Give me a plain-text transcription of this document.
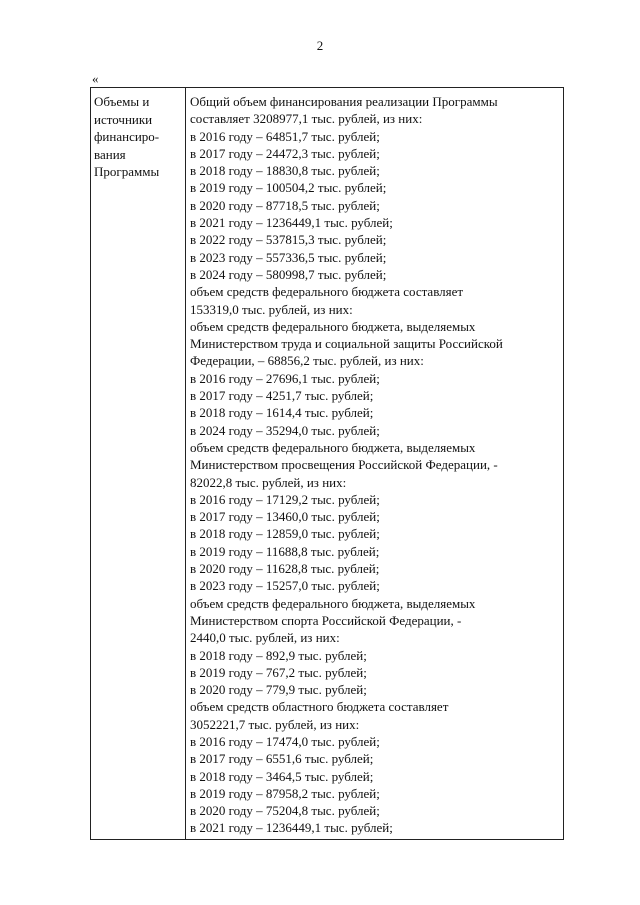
2
«
Объемы и
источники
финансиро-
вания
Программы
Общий объем финансирования реализации Программы
составляет 3208977,1 тыс. рублей, из них:
в 2016 году – 64851,7 тыс. рублей;
в 2017 году – 24472,3 тыс. рублей;
в 2018 году – 18830,8 тыс. рублей;
в 2019 году – 100504,2 тыс. рублей;
в 2020 году – 87718,5 тыс. рублей;
в 2021 году – 1236449,1 тыс. рублей;
в 2022 году – 537815,3 тыс. рублей;
в 2023 году – 557336,5 тыс. рублей;
в 2024 году – 580998,7 тыс. рублей;
объем средств федерального бюджета составляет
153319,0 тыс. рублей, из них:
объем средств федерального бюджета, выделяемых
Министерством труда и социальной защиты Российской
Федерации, – 68856,2 тыс. рублей, из них:
в 2016 году – 27696,1 тыс. рублей;
в 2017 году – 4251,7 тыс. рублей;
в 2018 году – 1614,4 тыс. рублей;
в 2024 году – 35294,0 тыс. рублей;
объем средств федерального бюджета, выделяемых
Министерством просвещения Российской Федерации, -
82022,8 тыс. рублей, из них:
в 2016 году – 17129,2 тыс. рублей;
в 2017 году – 13460,0 тыс. рублей;
в 2018 году – 12859,0 тыс. рублей;
в 2019 году – 11688,8 тыс. рублей;
в 2020 году – 11628,8 тыс. рублей;
в 2023 году – 15257,0 тыс. рублей;
объем средств федерального бюджета, выделяемых
Министерством спорта Российской Федерации, -
2440,0 тыс. рублей, из них:
в 2018 году – 892,9 тыс. рублей;
в 2019 году – 767,2 тыс. рублей;
в 2020 году – 779,9 тыс. рублей;
объем средств областного бюджета составляет
3052221,7 тыс. рублей, из них:
в 2016 году – 17474,0 тыс. рублей;
в 2017 году – 6551,6 тыс. рублей;
в 2018 году – 3464,5 тыс. рублей;
в 2019 году – 87958,2 тыс. рублей;
в 2020 году – 75204,8 тыс. рублей;
в 2021 году – 1236449,1 тыс. рублей;
